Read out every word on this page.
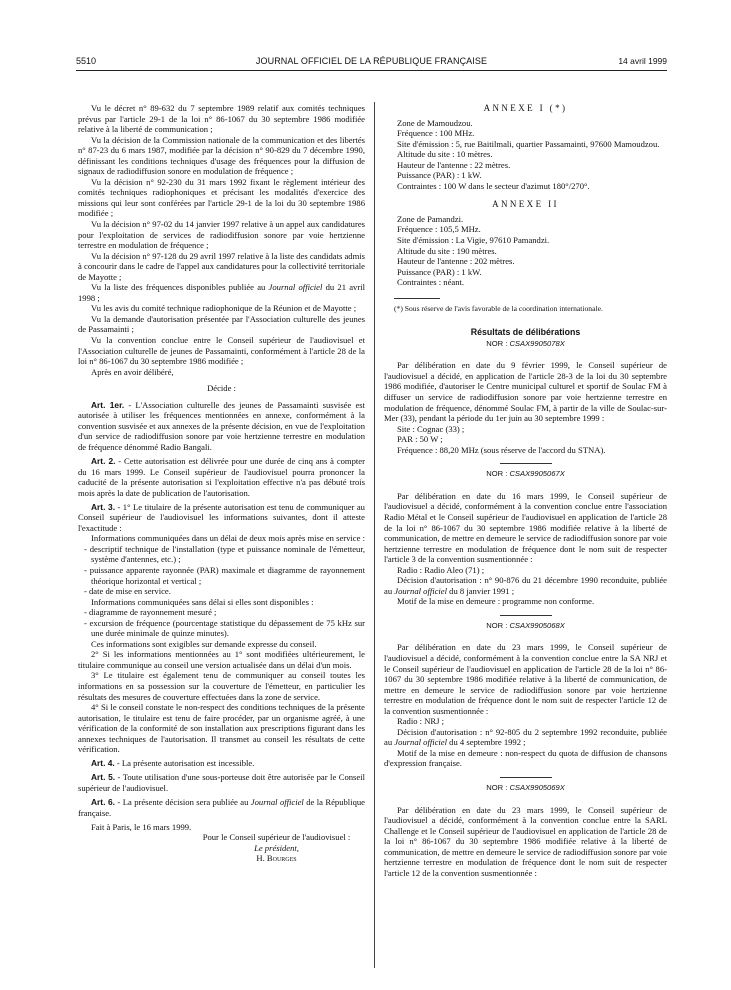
5510	JOURNAL OFFICIEL DE LA RÉPUBLIQUE FRANÇAISE	14 avril 1999

Vu le décret n° 89-632 du 7 septembre 1989 relatif aux comités techniques prévus par l'article 29-1 de la loi n° 86-1067 du 30 septembre 1986 modifiée relative à la liberté de communication ;

Vu la décision de la Commission nationale de la communication et des libertés n° 87-23 du 6 mars 1987, modifiée par la décision n° 90-829 du 7 décembre 1990, définissant les conditions techniques d'usage des fréquences pour la diffusion de signaux de radiodiffusion sonore en modulation de fréquence ;

Vu la décision n° 92-230 du 31 mars 1992 fixant le règlement intérieur des comités techniques radiophoniques et précisant les modalités d'exercice des missions qui leur sont conférées par l'article 29-1 de la loi du 30 septembre 1986 modifiée ;

Vu la décision n° 97-02 du 14 janvier 1997 relative à un appel aux candidatures pour l'exploitation de services de radiodiffusion sonore par voie hertzienne terrestre en modulation de fréquence ;

Vu la décision n° 97-128 du 29 avril 1997 relative à la liste des candidats admis à concourir dans le cadre de l'appel aux candidatures pour la collectivité territoriale de Mayotte ;

Vu la liste des fréquences disponibles publiée au Journal officiel du 21 avril 1998 ;

Vu les avis du comité technique radiophonique de la Réunion et de Mayotte ;

Vu la demande d'autorisation présentée par l'Association culturelle des jeunes de Passamainti ;

Vu la convention conclue entre le Conseil supérieur de l'audiovisuel et l'Association culturelle de jeunes de Passamainti, conformément à l'article 28 de la loi n° 86-1067 du 30 septembre 1986 modifiée ;

Après en avoir délibéré,

Décide :

Art. 1er. - L'Association culturelle des jeunes de Passamainti susvisée est autorisée à utiliser les fréquences mentionnées en annexe, conformément à la convention susvisée et aux annexes de la présente décision, en vue de l'exploitation d'un service de radiodiffusion sonore par voie hertzienne terrestre en modulation de fréquence dénommé Radio Bangali.

Art. 2. - Cette autorisation est délivrée pour une durée de cinq ans à compter du 16 mars 1999. Le Conseil supérieur de l'audiovisuel pourra prononcer la caducité de la présente autorisation si l'exploitation effective n'a pas débuté trois mois après la date de publication de l'autorisation.

Art. 3. - 1° Le titulaire de la présente autorisation est tenu de communiquer au Conseil supérieur de l'audiovisuel les informations suivantes, dont il atteste l'exactitude :

Informations communiquées dans un délai de deux mois après mise en service :

- descriptif technique de l'installation (type et puissance nominale de l'émetteur, système d'antennes, etc.) ;

- puissance apparente rayonnée (PAR) maximale et diagramme de rayonnement théorique horizontal et vertical ;

- date de mise en service.

Informations communiquées sans délai si elles sont disponibles :

- diagramme de rayonnement mesuré ;

- excursion de fréquence (pourcentage statistique du dépassement de 75 kHz sur une durée minimale de quinze minutes).

Ces informations sont exigibles sur demande expresse du conseil.

2° Si les informations mentionnées au 1° sont modifiées ultérieurement, le titulaire communique au conseil une version actualisée dans un délai d'un mois.

3° Le titulaire est également tenu de communiquer au conseil toutes les informations en sa possession sur la couverture de l'émetteur, en particulier les résultats des mesures de couverture effectuées dans la zone de service.

4° Si le conseil constate le non-respect des conditions techniques de la présente autorisation, le titulaire est tenu de faire procéder, par un organisme agréé, à une vérification de la conformité de son installation aux prescriptions figurant dans les annexes techniques de l'autorisation. Il transmet au conseil les résultats de cette vérification.

Art. 4. - La présente autorisation est incessible.

Art. 5. - Toute utilisation d'une sous-porteuse doit être autorisée par le Conseil supérieur de l'audiovisuel.

Art. 6. - La présente décision sera publiée au Journal officiel de la République française.

Fait à Paris, le 16 mars 1999.

Pour le Conseil supérieur de l'audiovisuel :

Le président,

H. Bourges

ANNEXE I (*)

Zone de Mamoudzou.

Fréquence : 100 MHz.

Site d'émission : 5, rue Baitilmali, quartier Passamainti, 97600 Mamoudzou.

Altitude du site : 10 mètres.

Hauteur de l'antenne : 22 mètres.

Puissance (PAR) : 1 kW.

Contraintes : 100 W dans le secteur d'azimut 180°/270°.

ANNEXE II

Zone de Pamandzi.

Fréquence : 105,5 MHz.

Site d'émission : La Vigie, 97610 Pamandzi.

Altitude du site : 190 mètres.

Hauteur de l'antenne : 202 mètres.

Puissance (PAR) : 1 kW.

Contraintes : néant.

(*) Sous réserve de l'avis favorable de la coordination internationale.

Résultats de délibérations

NOR : CSAX9905078X

Par délibération en date du 9 février 1999, le Conseil supérieur de l'audiovisuel a décidé, en application de l'article 28-3 de la loi du 30 septembre 1986 modifiée, d'autoriser le Centre municipal culturel et sportif de Soulac FM à diffuser un service de radiodiffusion sonore par voie hertzienne terrestre en modulation de fréquence, dénommé Soulac FM, à partir de la ville de Soulac-sur-Mer (33), pendant la période du 1er juin au 30 septembre 1999 :

Site : Cognac (33) ;

PAR : 50 W ;

Fréquence : 88,20 MHz (sous réserve de l'accord du STNA).

NOR : CSAX9905067X

Par délibération en date du 16 mars 1999, le Conseil supérieur de l'audiovisuel a décidé, conformément à la convention conclue entre l'association Radio Métal et le Conseil supérieur de l'audiovisuel en application de l'article 28 de la loi n° 86-1067 du 30 septembre 1986 modifiée relative à la liberté de communication, de mettre en demeure le service de radiodiffusion sonore par voie hertzienne terrestre en modulation de fréquence dont le nom suit de respecter l'article 3 de la convention susmentionnée :

Radio : Radio Aleo (71) ;

Décision d'autorisation : n° 90-876 du 21 décembre 1990 reconduite, publiée au Journal officiel du 8 janvier 1991 ;

Motif de la mise en demeure : programme non conforme.

NOR : CSAX9905068X

Par délibération en date du 23 mars 1999, le Conseil supérieur de l'audiovisuel a décidé, conformément à la convention conclue entre la SA NRJ et le Conseil supérieur de l'audiovisuel en application de l'article 28 de la loi n° 86-1067 du 30 septembre 1986 modifiée relative à la liberté de communication, de mettre en demeure le service de radiodiffusion sonore par voie hertzienne terrestre en modulation de fréquence dont le nom suit de respecter l'article 12 de la convention susmentionnée :

Radio : NRJ ;

Décision d'autorisation : n° 92-805 du 2 septembre 1992 reconduite, publiée au Journal officiel du 4 septembre 1992 ;

Motif de la mise en demeure : non-respect du quota de diffusion de chansons d'expression française.

NOR : CSAX9905069X

Par délibération en date du 23 mars 1999, le Conseil supérieur de l'audiovisuel a décidé, conformément à la convention conclue entre la SARL Challenge et le Conseil supérieur de l'audiovisuel en application de l'article 28 de la loi n° 86-1067 du 30 septembre 1986 modifiée relative à la liberté de communication, de mettre en demeure le service de radiodiffusion sonore par voie hertzienne terrestre en modulation de fréquence dont le nom suit de respecter l'article 12 de la convention susmentionnée :
